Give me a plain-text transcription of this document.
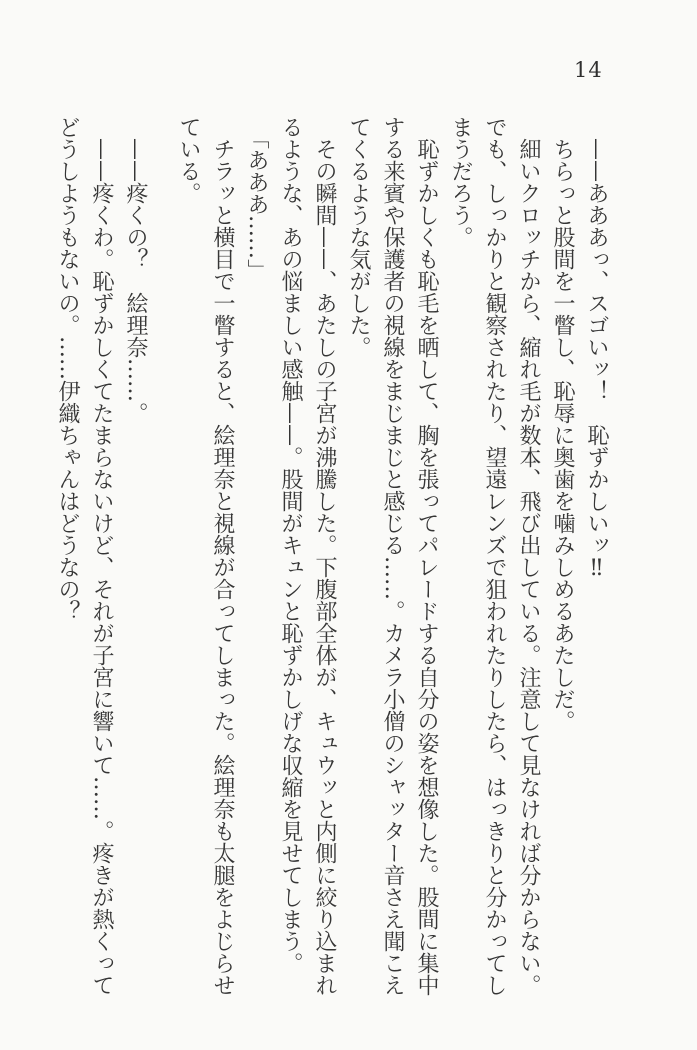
14

　——あああっ、スゴいッ！　恥ずかしいッ‼

　ちらっと股間を一瞥し、恥辱に奥歯を噛みしめるあたしだ。

　細いクロッチから、縮れ毛が数本、飛び出している。注意して見なければ分からない。でも、しっかりと観察されたり、望遠レンズで狙われたりしたら、はっきりと分かってしまうだろう。

　恥ずかしくも恥毛を晒して、胸を張ってパレードする自分の姿を想像した。股間に集中する来賓や保護者の視線をまじまじと感じる……。カメラ小僧のシャッター音さえ聞こえてくるような気がした。

　その瞬間——、あたしの子宮が沸騰した。下腹部全体が、キュウッと内側に絞り込まれるような、あの悩ましい感触——。股間がキュンと恥ずかしげな収縮を見せてしまう。

　「あああ……」

　チラッと横目で一瞥すると、絵理奈と視線が合ってしまった。絵理奈も太腿をよじらせている。

　——疼くの？　絵理奈……。

　——疼くわ。恥ずかしくてたまらないけど、それが子宮に響いて……。疼きが熱くってどうしようもないの。……伊織ちゃんはどうなの？
